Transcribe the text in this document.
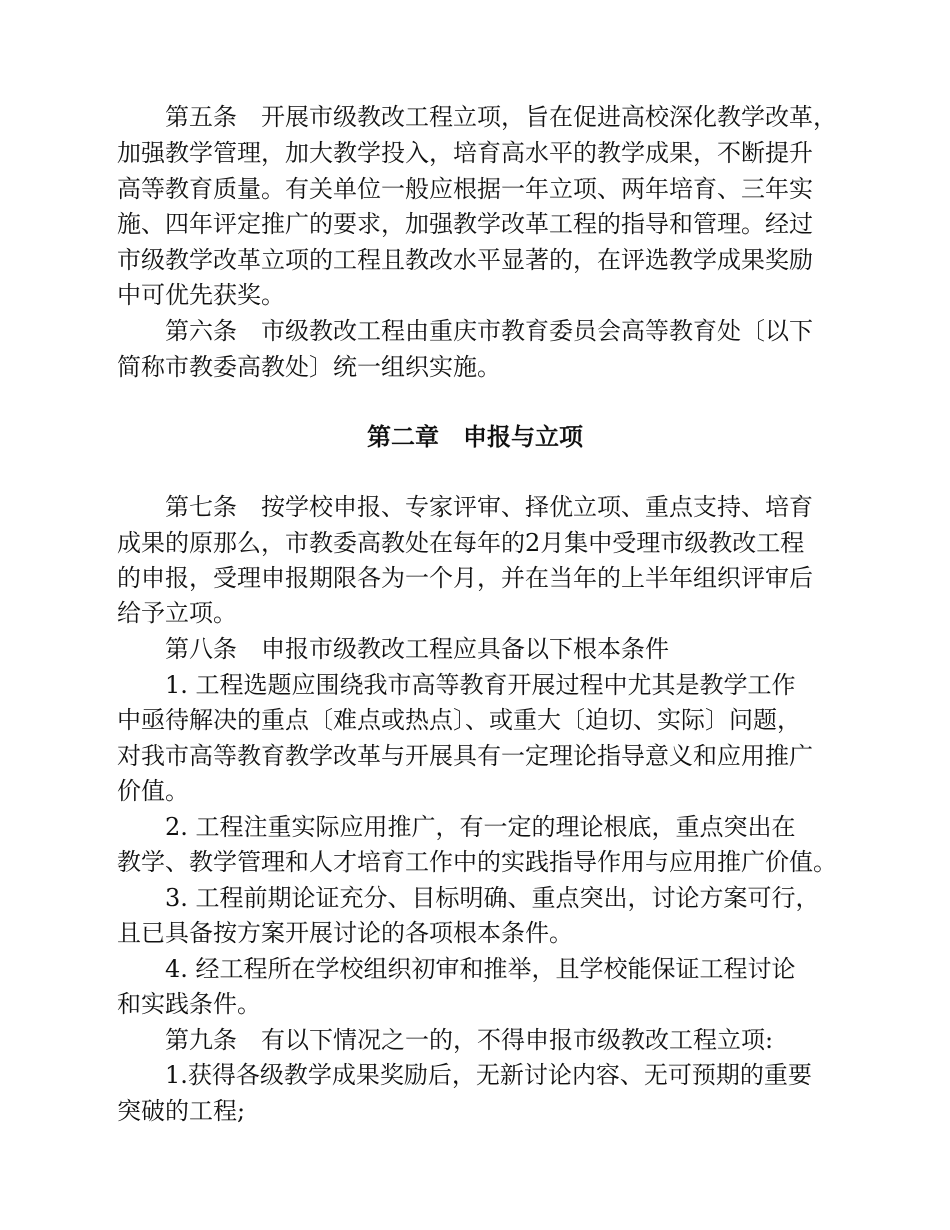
第五条　开展市级教改工程立项，旨在促进高校深化教学改革，
加强教学管理，加大教学投入，培育高水平的教学成果，不断提升
高等教育质量。有关单位一般应根据一年立项、两年培育、三年实
施、四年评定推广的要求，加强教学改革工程的指导和管理。经过
市级教学改革立项的工程且教改水平显著的，在评选教学成果奖励
中可优先获奖。
第六条　市级教改工程由重庆市教育委员会高等教育处〔以下
简称市教委高教处〕统一组织实施。
第二章　申报与立项
第七条　按学校申报、专家评审、择优立项、重点支持、培育
成果的原那么，市教委高教处在每年的2月集中受理市级教改工程
的申报，受理申报期限各为一个月，并在当年的上半年组织评审后
给予立项。
第八条　申报市级教改工程应具备以下根本条件
1. 工程选题应围绕我市高等教育开展过程中尤其是教学工作
中亟待解决的重点〔难点或热点〕、或重大〔迫切、实际〕问题，
对我市高等教育教学改革与开展具有一定理论指导意义和应用推广
价值。
2. 工程注重实际应用推广，有一定的理论根底，重点突出在
教学、教学管理和人才培育工作中的实践指导作用与应用推广价值。
3. 工程前期论证充分、目标明确、重点突出，讨论方案可行，
且已具备按方案开展讨论的各项根本条件。
4. 经工程所在学校组织初审和推举，且学校能保证工程讨论
和实践条件。
第九条　有以下情况之一的，不得申报市级教改工程立项:
1.获得各级教学成果奖励后，无新讨论内容、无可预期的重要
突破的工程;
